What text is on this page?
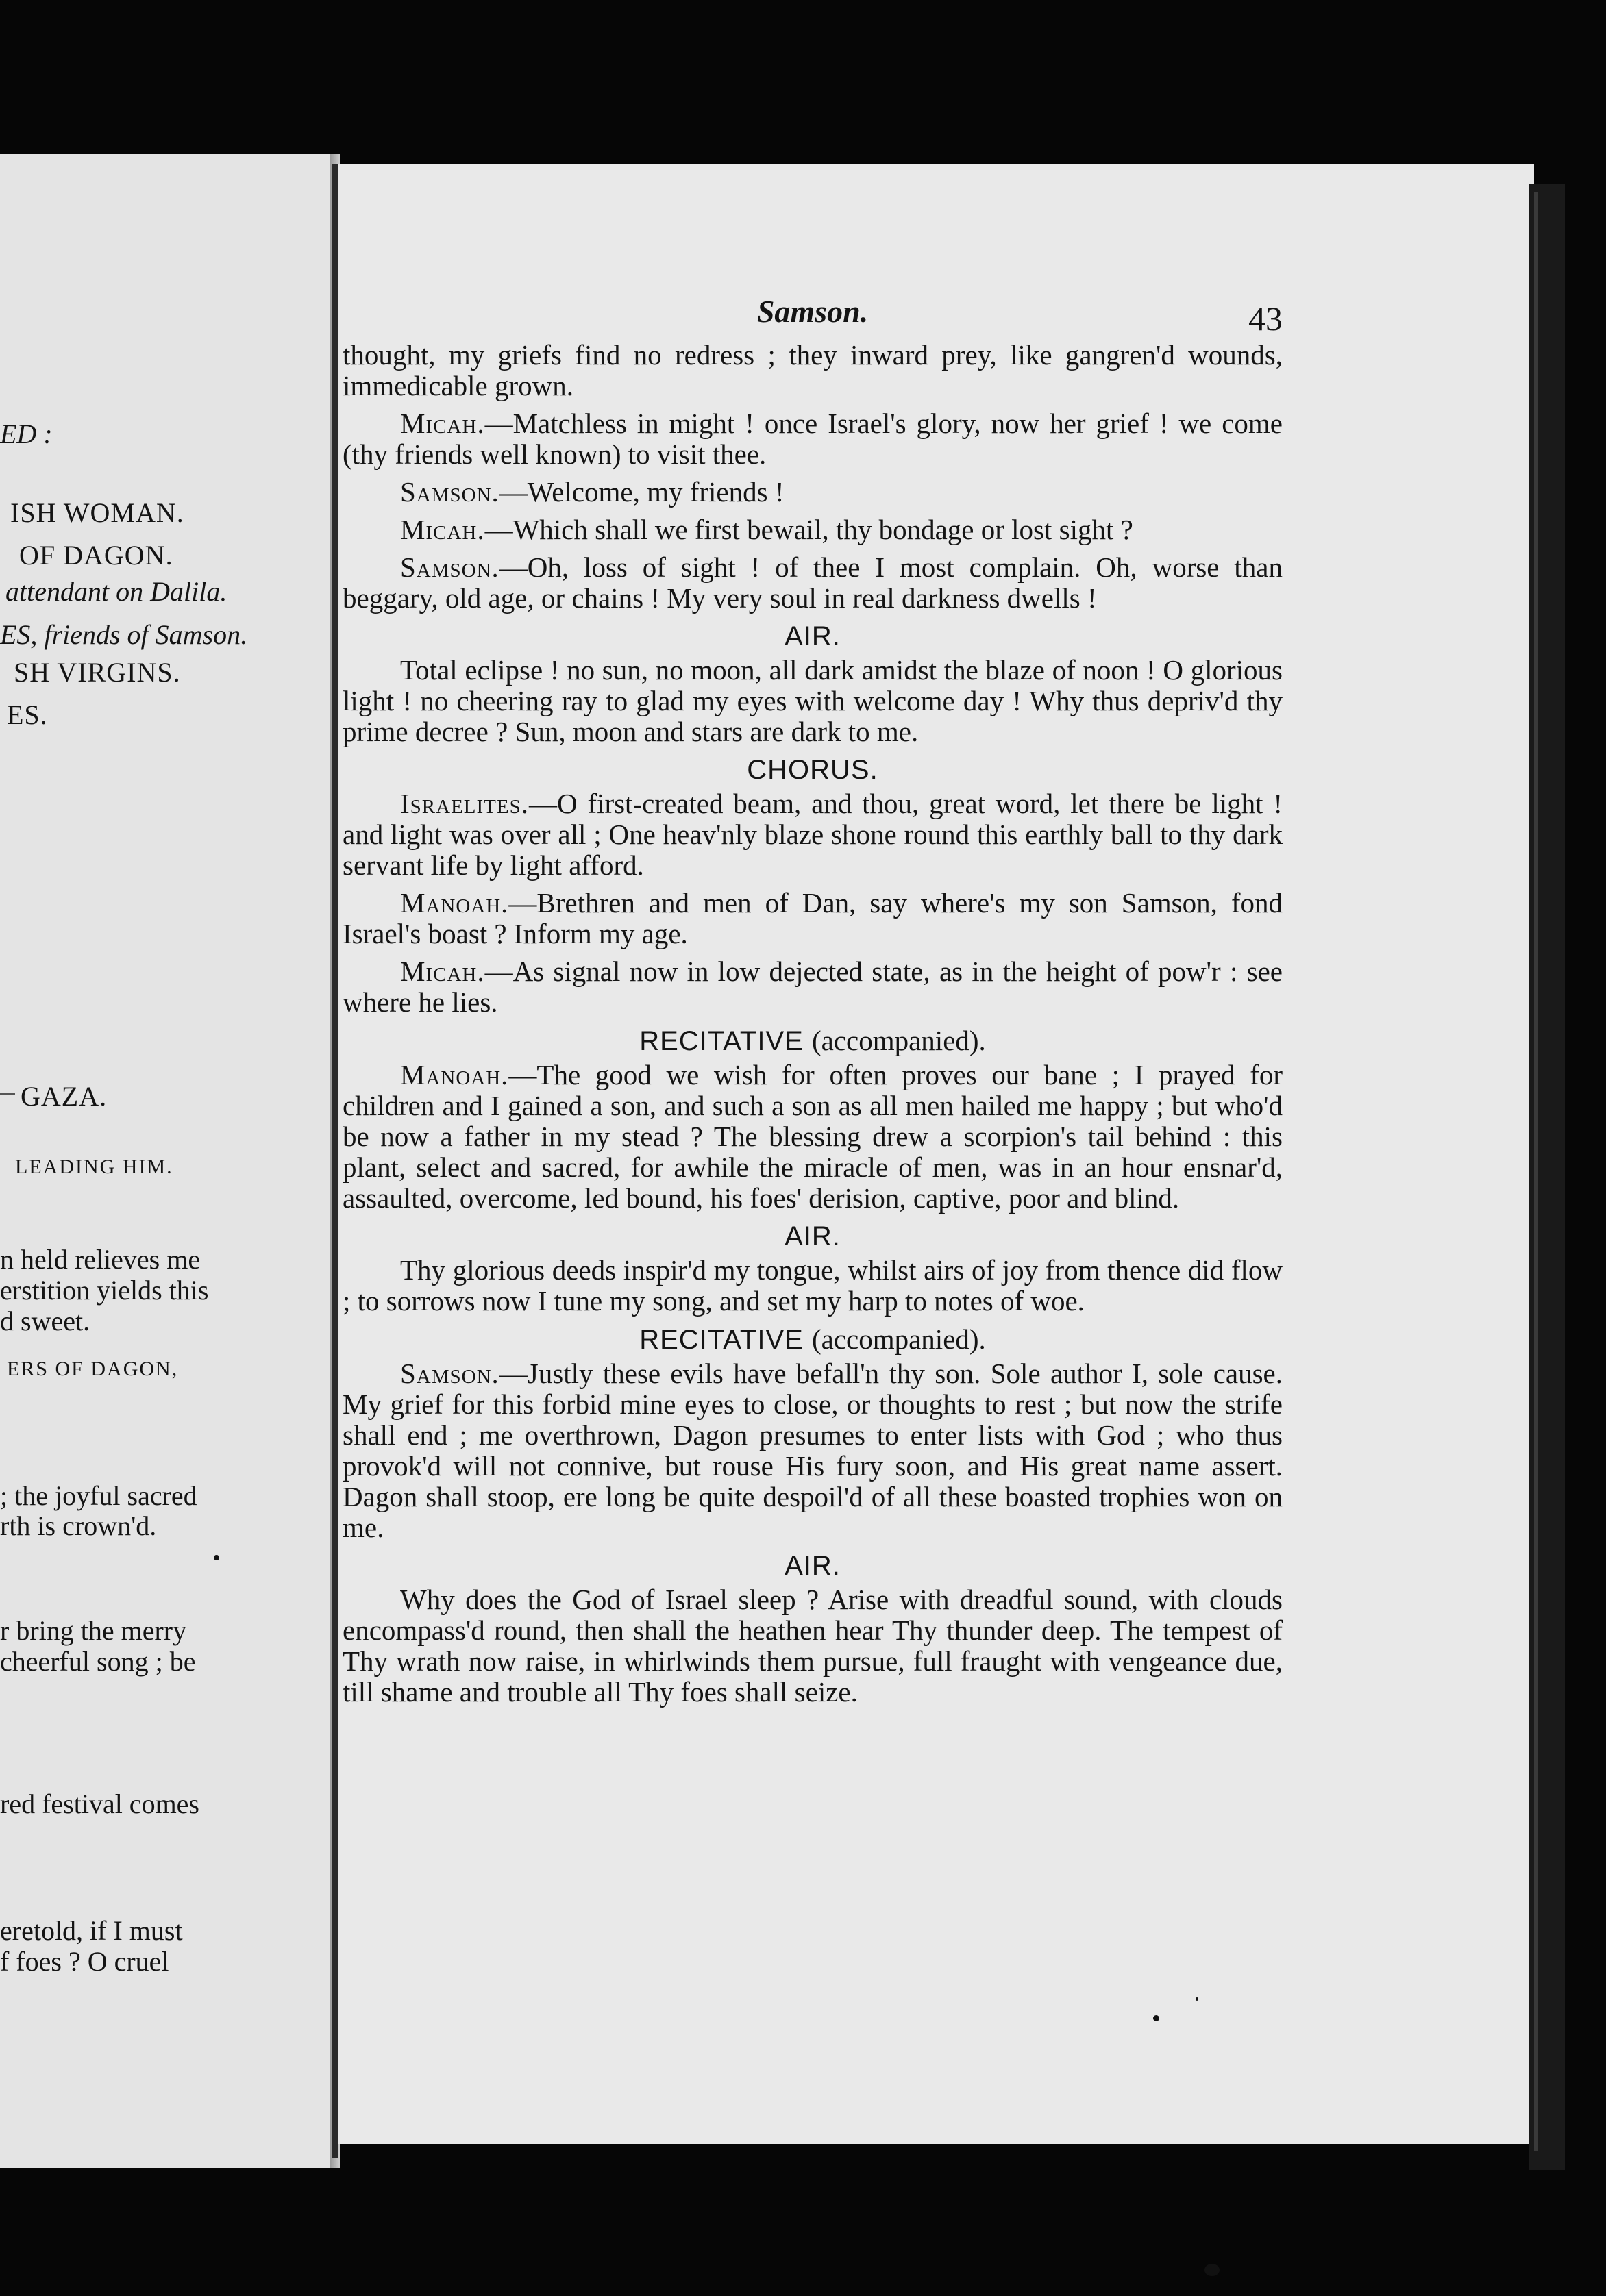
ED :
ISH WOMAN.
OF DAGON.
attendant on Dalila.
ES, friends of Samson.
SH VIRGINS.
ES.
GAZA.
LEADING HIM.
n held relieves me
erstition yields this
d sweet.
ERS OF DAGON,
; the joyful sacred
rth is crown'd.
r bring the merry
cheerful song ; be
red festival comes
eretold, if I must
f foes ? O cruel
Samson.	43

thought, my griefs find no redress ; they inward prey, like gangren'd wounds, immedicable grown.

Micah.—Matchless in might ! once Israel's glory, now her grief ! we come (thy friends well known) to visit thee.

Samson.—Welcome, my friends !

Micah.—Which shall we first bewail, thy bondage or lost sight ?

Samson.—Oh, loss of sight ! of thee I most complain. Oh, worse than beggary, old age, or chains ! My very soul in real darkness dwells !

AIR.

Total eclipse ! no sun, no moon, all dark amidst the blaze of noon ! O glorious light ! no cheering ray to glad my eyes with welcome day ! Why thus depriv'd thy prime decree ? Sun, moon and stars are dark to me.

CHORUS.

Israelites.—O first-created beam, and thou, great word, let there be light ! and light was over all ; One heav'nly blaze shone round this earthly ball to thy dark servant life by light afford.

Manoah.—Brethren and men of Dan, say where's my son Samson, fond Israel's boast ? Inform my age.

Micah.—As signal now in low dejected state, as in the height of pow'r : see where he lies.

RECITATIVE (accompanied).

Manoah.—The good we wish for often proves our bane ; I prayed for children and I gained a son, and such a son as all men hailed me happy ; but who'd be now a father in my stead ? The blessing drew a scorpion's tail behind : this plant, select and sacred, for awhile the miracle of men, was in an hour ensnar'd, assaulted, overcome, led bound, his foes' derision, captive, poor and blind.

AIR.

Thy glorious deeds inspir'd my tongue, whilst airs of joy from thence did flow ; to sorrows now I tune my song, and set my harp to notes of woe.

RECITATIVE (accompanied).

Samson.—Justly these evils have befall'n thy son. Sole author I, sole cause. My grief for this forbid mine eyes to close, or thoughts to rest ; but now the strife shall end ; me overthrown, Dagon presumes to enter lists with God ; who thus provok'd will not connive, but rouse His fury soon, and His great name assert. Dagon shall stoop, ere long be quite despoil'd of all these boasted trophies won on me.

AIR.

Why does the God of Israel sleep ? Arise with dreadful sound, with clouds encompass'd round, then shall the heathen hear Thy thunder deep. The tempest of Thy wrath now raise, in whirlwinds them pursue, full fraught with vengeance due, till shame and trouble all Thy foes shall seize.
